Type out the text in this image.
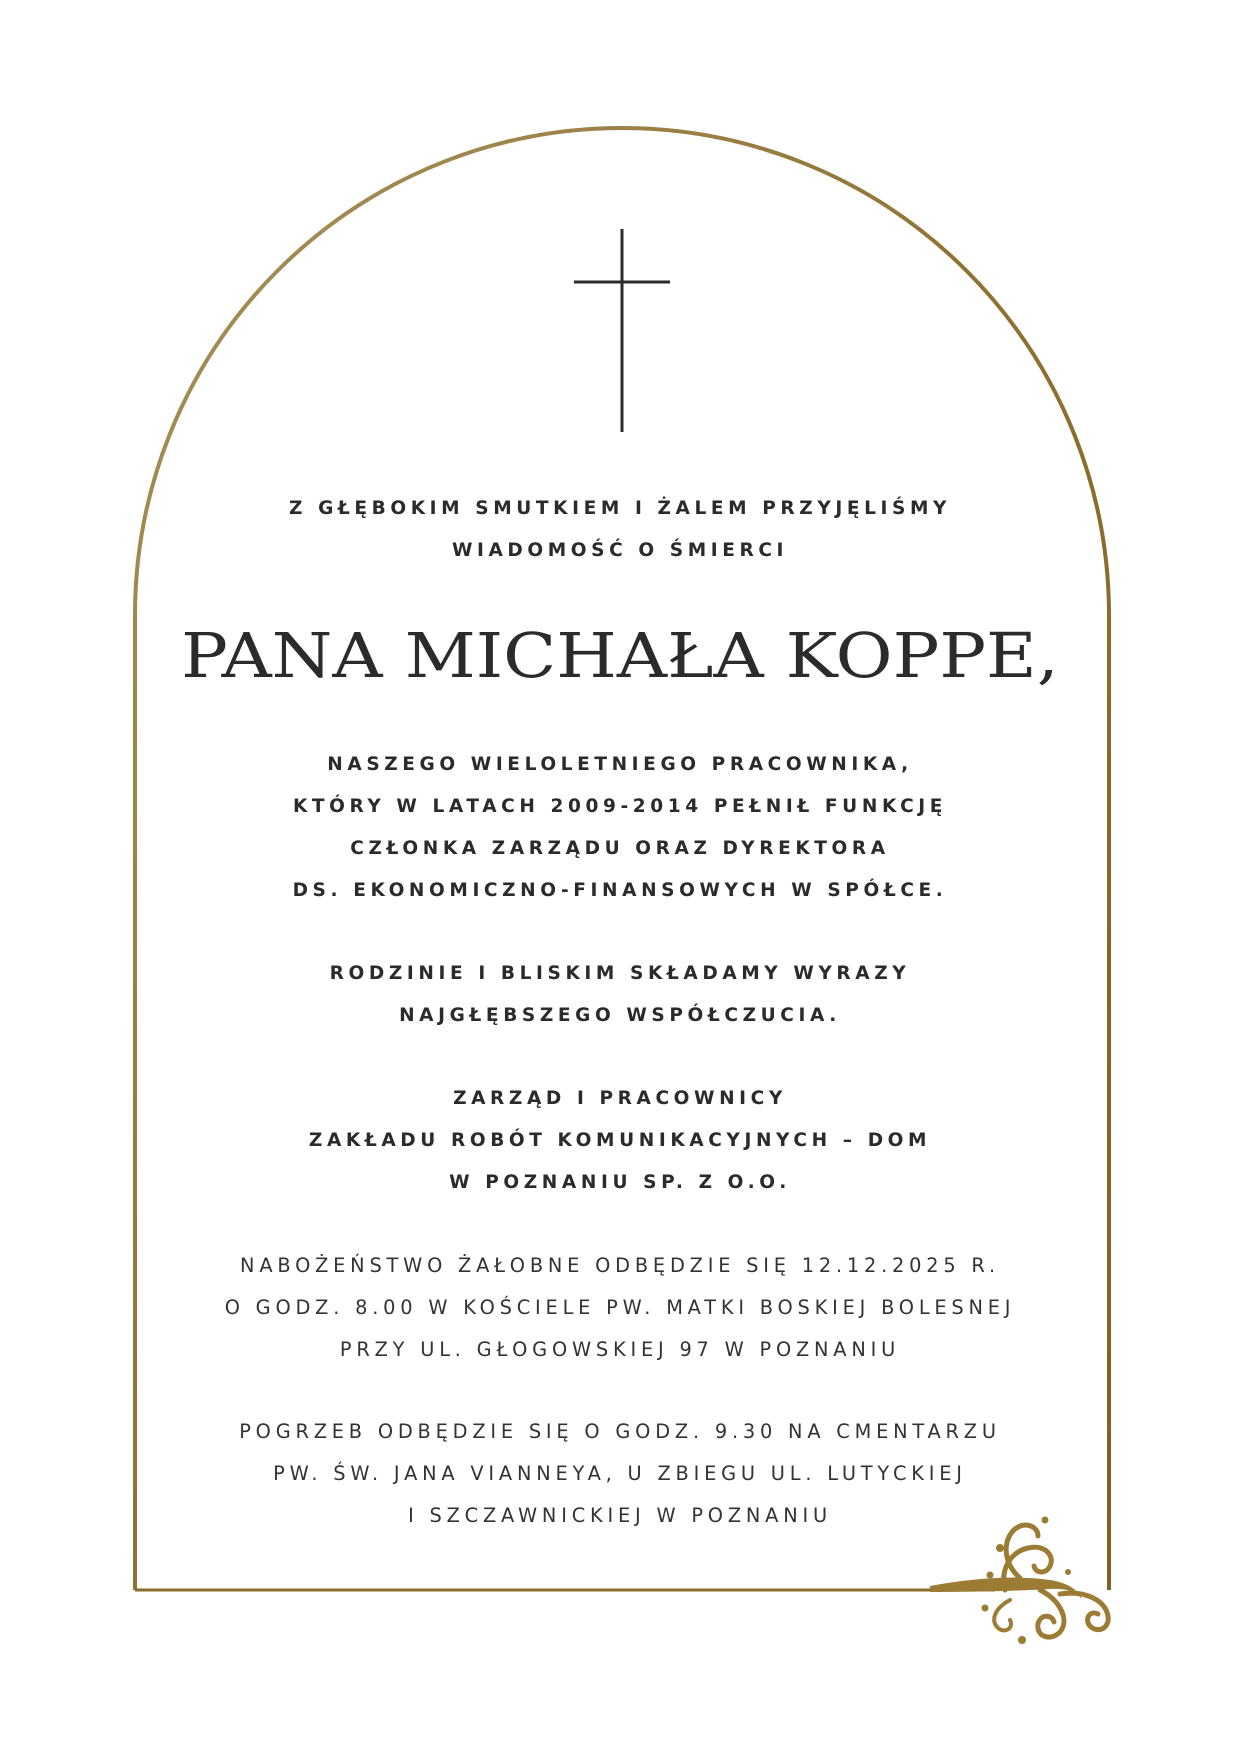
Z GŁĘBOKIM SMUTKIEM I ŻALEM PRZYJĘLIŚMY
WIADOMOŚĆ O ŚMIERCI
PANA MICHAŁA KOPPE,
NASZEGO WIELOLETNIEGO PRACOWNIKA,
KTÓRY W LATACH 2009-2014 PEŁNIŁ FUNKCJĘ
CZŁONKA ZARZĄDU ORAZ DYREKTORA
DS. EKONOMICZNO-FINANSOWYCH W SPÓŁCE.
RODZINIE I BLISKIM SKŁADAMY WYRAZY
NAJGŁĘBSZEGO WSPÓŁCZUCIA.
ZARZĄD I PRACOWNICY
ZAKŁADU ROBÓT KOMUNIKACYJNYCH – DOM
W POZNANIU SP. Z O.O.
NABOŻEŃSTWO ŻAŁOBNE ODBĘDZIE SIĘ 12.12.2025 R.
O GODZ. 8.00 W KOŚCIELE PW. MATKI BOSKIEJ BOLESNEJ
PRZY UL. GŁOGOWSKIEJ 97 W POZNANIU
POGRZEB ODBĘDZIE SIĘ O GODZ. 9.30 NA CMENTARZU
PW. ŚW. JANA VIANNEYA, U ZBIEGU UL. LUTYCKIEJ
I SZCZAWNICKIEJ W POZNANIU
